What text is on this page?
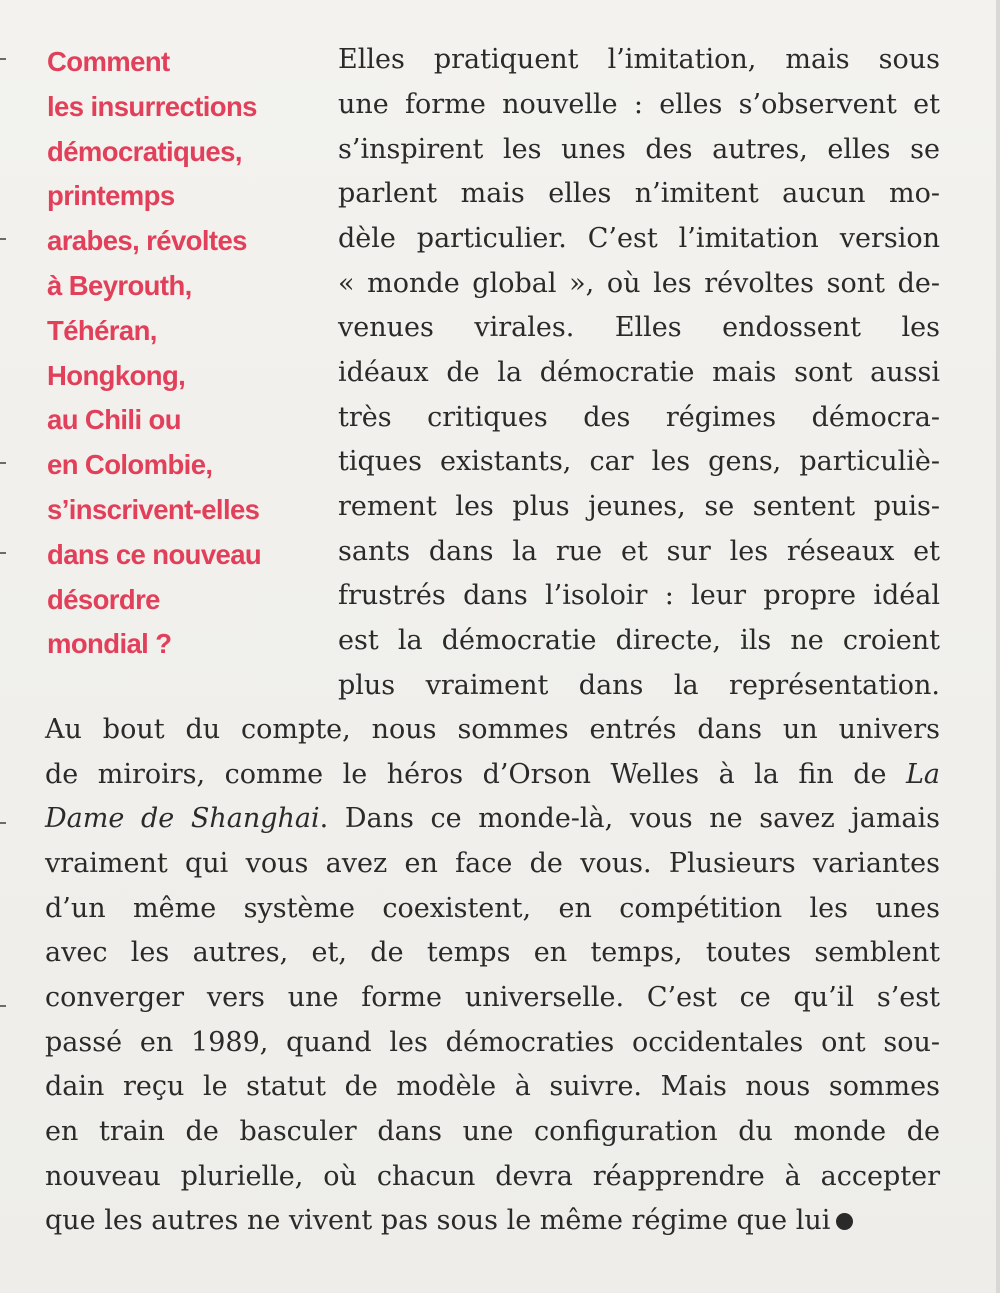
Comment
les insurrections
démocratiques,
printemps
arabes, révoltes
à Beyrouth,
Téhéran,
Hongkong,
au Chili ou
en Colombie,
s’inscrivent-elles
dans ce nouveau
désordre
mondial ?
Elles pratiquent l’imitation, mais sous
une forme nouvelle : elles s’observent et
s’inspirent les unes des autres, elles se
parlent mais elles n’imitent aucun mo-
dèle particulier. C’est l’imitation version
« monde global », où les révoltes sont de-
venues virales. Elles endossent les
idéaux de la démocratie mais sont aussi
très critiques des régimes démocra-
tiques existants, car les gens, particuliè-
rement les plus jeunes, se sentent puis-
sants dans la rue et sur les réseaux et
frustrés dans l’isoloir : leur propre idéal
est la démocratie directe, ils ne croient
plus vraiment dans la représentation.
Au bout du compte, nous sommes entrés dans un univers
de miroirs, comme le héros d’Orson Welles à la fin de La
Dame de Shanghai. Dans ce monde-là, vous ne savez jamais
vraiment qui vous avez en face de vous. Plusieurs variantes
d’un même système coexistent, en compétition les unes
avec les autres, et, de temps en temps, toutes semblent
converger vers une forme universelle. C’est ce qu’il s’est
passé en 1989, quand les démocraties occidentales ont sou-
dain reçu le statut de modèle à suivre. Mais nous sommes
en train de basculer dans une configuration du monde de
nouveau plurielle, où chacun devra réapprendre à accepter
que les autres ne vivent pas sous le même régime que lui
